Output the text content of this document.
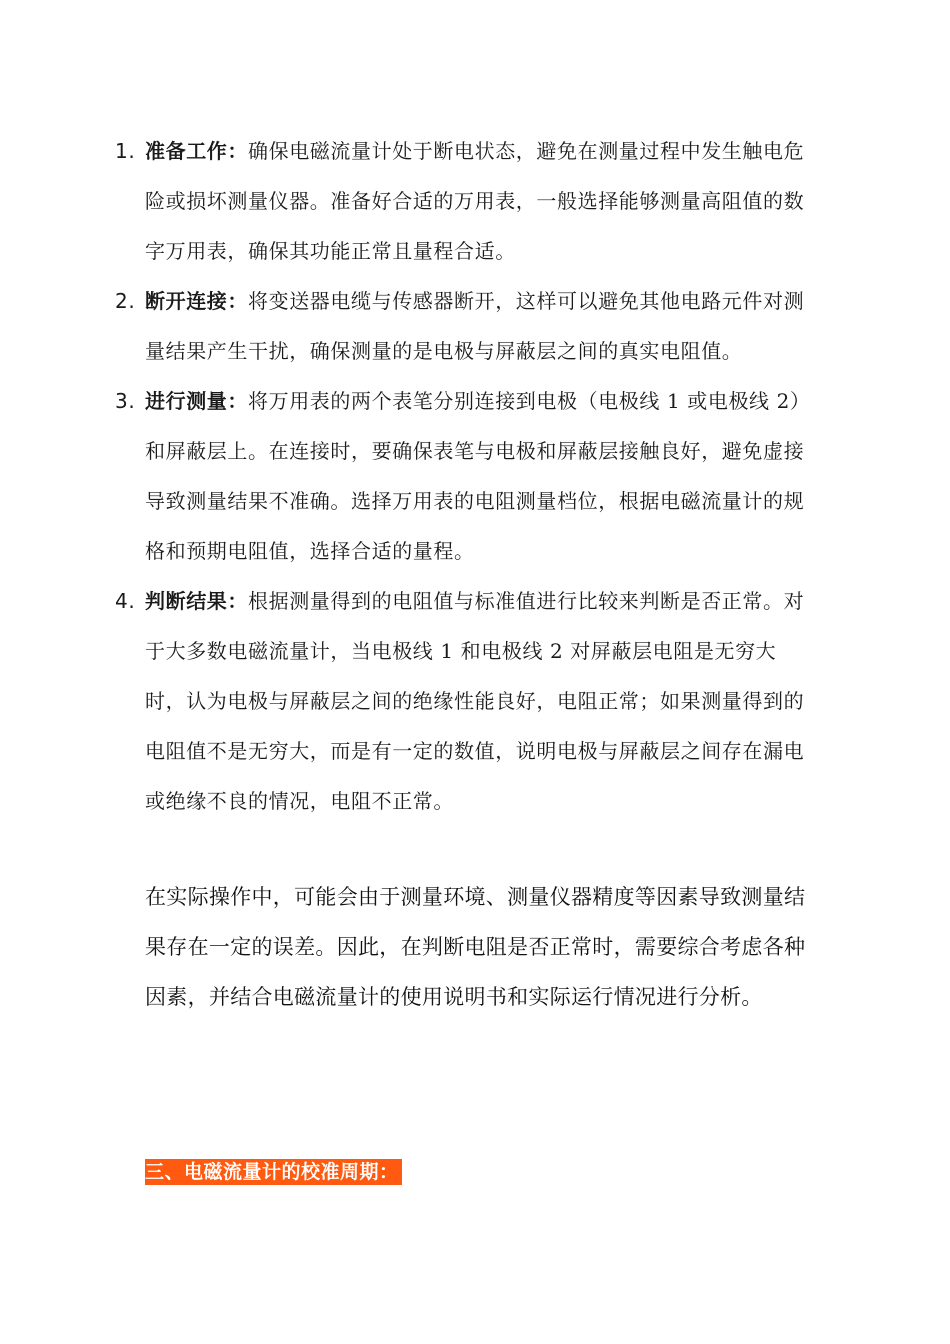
1. 准备工作：确保电磁流量计处于断电状态，避免在测量过程中发生触电危险或损坏测量仪器。准备好合适的万用表，一般选择能够测量高阻值的数字万用表，确保其功能正常且量程合适。
2. 断开连接：将变送器电缆与传感器断开，这样可以避免其他电路元件对测量结果产生干扰，确保测量的是电极与屏蔽层之间的真实电阻值。
3. 进行测量：将万用表的两个表笔分别连接到电极（电极线 1 或电极线 2）和屏蔽层上。在连接时，要确保表笔与电极和屏蔽层接触良好，避免虚接导致测量结果不准确。选择万用表的电阻测量档位，根据电磁流量计的规格和预期电阻值，选择合适的量程。
4. 判断结果：根据测量得到的电阻值与标准值进行比较来判断是否正常。对于大多数电磁流量计，当电极线 1 和电极线 2 对屏蔽层电阻是无穷大时，认为电极与屏蔽层之间的绝缘性能良好，电阻正常；如果测量得到的电阻值不是无穷大，而是有一定的数值，说明电极与屏蔽层之间存在漏电或绝缘不良的情况，电阻不正常。

在实际操作中，可能会由于测量环境、测量仪器精度等因素导致测量结果存在一定的误差。因此，在判断电阻是否正常时，需要综合考虑各种因素，并结合电磁流量计的使用说明书和实际运行情况进行分析。

三、电磁流量计的校准周期：
